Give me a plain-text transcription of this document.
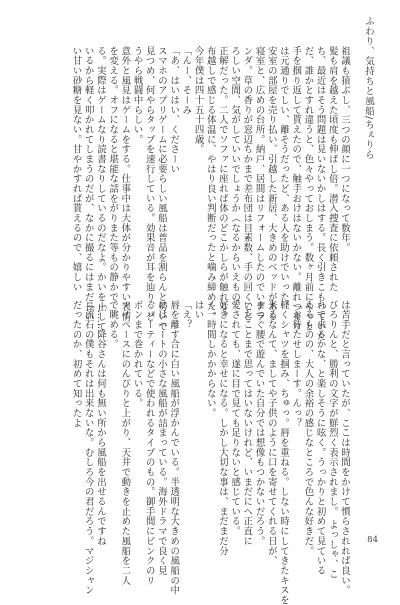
ふわり、気持ちと風船/ちぇりら
祖議も猿ぶし、三つの顔に一つになって数年。
髪も肩を越えた頃度も伸ばし倍。潜入捜査に依頼された
ち、最近はそう問題は見いないかしはする。長く引きこもっていた
だ、誰かとすれ違うと、色々やっておしまう。数ヶ月前にやっと
手を掴り返して貰えたので、触手おけはないかない。離れつまり
は元通りでしい、離そうだったど、ある人を助けでいった。
安室の部屋を売り払い、引越した新居、大きめのベッドがある
寝室と、広めの台所。納戸、居間はリフォームしたのでいデラ
ンダ。草の香りが窓辺ちかまで差布団は目素数、手の回くこと
ろしい空間、気がしていいでしょうか（なるからいえもの
正解だった。二人でソファに座れば体のどこかしらが触れる。
布越しで感じる体温に、やはり良い判断だったと噛み締めた。
今年僕は四十五十四歳。
「んー、そーみ
「あ、はいはい、くださーい
スマホのアプリゲームに必要らしい風船は普品を割らんと勢いで
見つめ、何やらタップを速行している。効果音が耳を辿り、ど
うやら戦闘中らしい。
意外と風見はゲームをする。仕事中は大体が分かりやすい表情
を変える。オフになると堪能な話をがりまた等もの静かで
る。実際はゲームなり読書なりしているのだなよ。かいを止して
いるから軽く叩かれてしまうのだが、なかに撮るにはまだ長い
い甘い砂糖を見ない。甘やかすれば貰えるので、嬉しい
は苦手だと言っていたが、ここは時間をかけて慣らされれば良い。
びろりんと、勝利の文字が鮮烈く表示されまし。 よっしゃ、こ
れで来るかな、と楽しそうに呟く。うっかりと初めて見ている
えるものの、大人の余裕の感じなところで色んな好きだ。
「お待たせしまーす。んっ？
軽くシャツを掴み、ちゅっ。唇を重ねる。しない時にしてきたキスを
来るなんて、ましてや子供のように口を寄せてくれる日が、
まつぐ腰で遊んでいた自分では想像もつかないだろう。
いたことまで思ってはいないけれど、いまだにへ正直に
愛されても、遂に目で見ても足りないと感じている。
好きになると幸せになる。しかし大切な事は、まだまだ分
く一時間しかかからない。
はい
「え？
唇を離す合に白い風船が浮かんでいる。半透明な大きめの風船の中
にはハートの小さな風船が詰まっている。海外ドラマで良く見
るパーティーなどで使われるタイプのもの。御手間にピンクのリ
ボンまで巻かれている。
マイペースにのんびりと上がり、天井で動きを止めた風船を二人
で眺める。
「……降谷さんは何も無い所から風船を出せるんですね
「流石の僕もそれは出来ないな。むしろ今の君だろう。マジシャン
だったのか、初めて知ったよ
84
